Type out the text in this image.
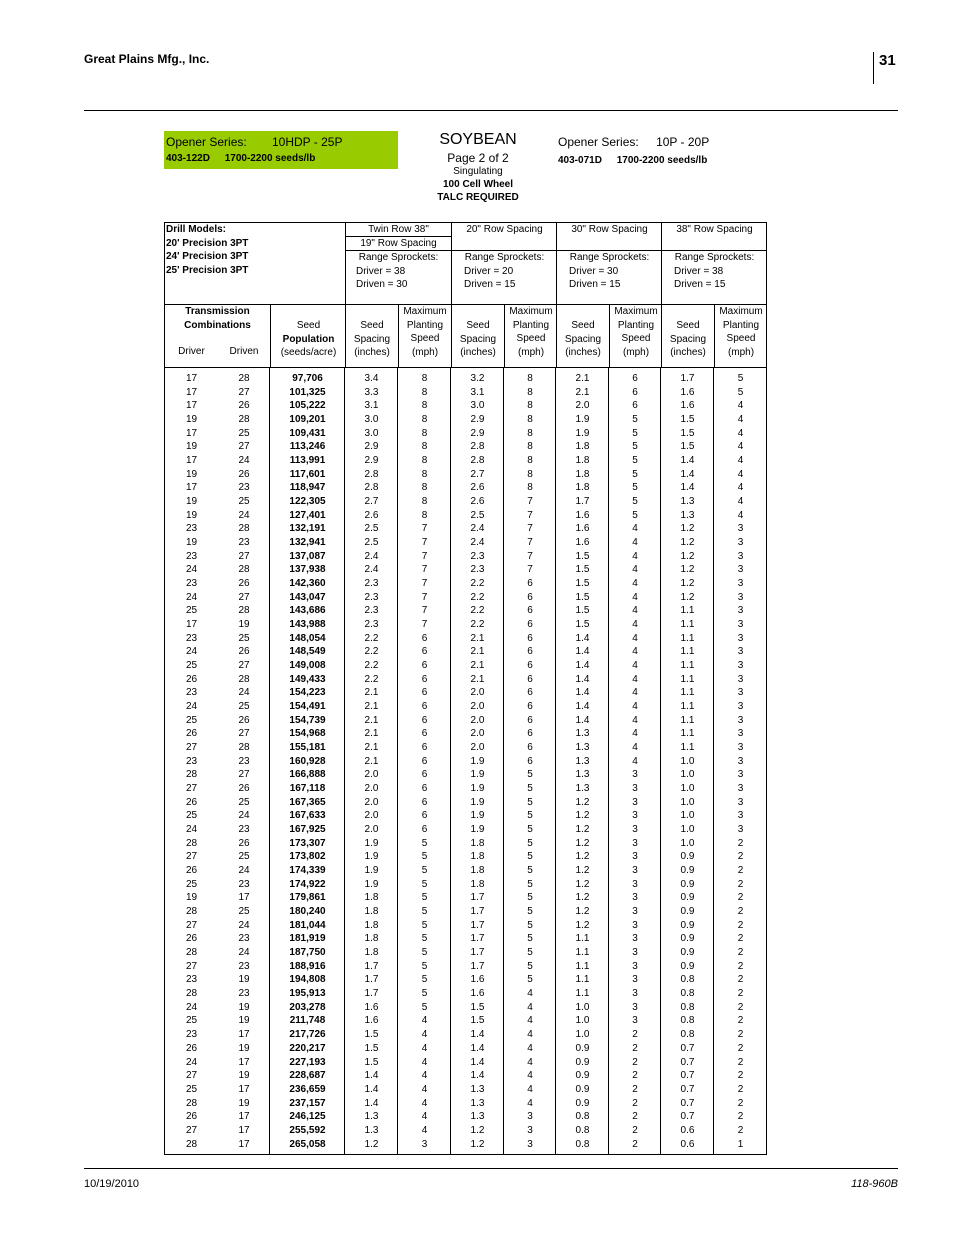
Great Plains Mfg., Inc.	31
Opener Series: 10HDP - 25P
403-122D 1700-2200 seeds/lb
SOYBEAN
Page 2 of 2
Singulating
100 Cell Wheel
TALC REQUIRED
Opener Series: 10P - 20P
403-071D 1700-2200 seeds/lb
Drill Models:
20' Precision 3PT
24' Precision 3PT
25' Precision 3PT
Twin Row 38"
19" Row Spacing
20" Row Spacing	30" Row Spacing	38" Row Spacing
Range Sprockets:
Driver = 38
Driven = 30
Range Sprockets:
Driver = 20
Driven = 15
Range Sprockets:
Driver = 30
Driven = 15
Range Sprockets:
Driver = 38
Driven = 15
Transmission Combinations
Driver	Driven
Seed
Population
(seeds/acre)
Seed
Spacing
(inches)
Maximum
Planting
Speed
(mph)
Seed
Spacing
(inches)
Maximum
Planting
Speed
(mph)
Seed
Spacing
(inches)
Maximum
Planting
Speed
(mph)
Seed
Spacing
(inches)
Maximum
Planting
Speed
(mph)
17	28	97,706	3.4	8	3.2	8	2.1	6	1.7	5
17	27	101,325	3.3	8	3.1	8	2.1	6	1.6	5
17	26	105,222	3.1	8	3.0	8	2.0	6	1.6	4
19	28	109,201	3.0	8	2.9	8	1.9	5	1.5	4
17	25	109,431	3.0	8	2.9	8	1.9	5	1.5	4
19	27	113,246	2.9	8	2.8	8	1.8	5	1.5	4
17	24	113,991	2.9	8	2.8	8	1.8	5	1.4	4
19	26	117,601	2.8	8	2.7	8	1.8	5	1.4	4
17	23	118,947	2.8	8	2.6	8	1.8	5	1.4	4
19	25	122,305	2.7	8	2.6	7	1.7	5	1.3	4
19	24	127,401	2.6	8	2.5	7	1.6	5	1.3	4
23	28	132,191	2.5	7	2.4	7	1.6	4	1.2	3
19	23	132,941	2.5	7	2.4	7	1.6	4	1.2	3
23	27	137,087	2.4	7	2.3	7	1.5	4	1.2	3
24	28	137,938	2.4	7	2.3	7	1.5	4	1.2	3
23	26	142,360	2.3	7	2.2	6	1.5	4	1.2	3
24	27	143,047	2.3	7	2.2	6	1.5	4	1.2	3
25	28	143,686	2.3	7	2.2	6	1.5	4	1.1	3
17	19	143,988	2.3	7	2.2	6	1.5	4	1.1	3
23	25	148,054	2.2	6	2.1	6	1.4	4	1.1	3
24	26	148,549	2.2	6	2.1	6	1.4	4	1.1	3
25	27	149,008	2.2	6	2.1	6	1.4	4	1.1	3
26	28	149,433	2.2	6	2.1	6	1.4	4	1.1	3
23	24	154,223	2.1	6	2.0	6	1.4	4	1.1	3
24	25	154,491	2.1	6	2.0	6	1.4	4	1.1	3
25	26	154,739	2.1	6	2.0	6	1.4	4	1.1	3
26	27	154,968	2.1	6	2.0	6	1.3	4	1.1	3
27	28	155,181	2.1	6	2.0	6	1.3	4	1.1	3
23	23	160,928	2.1	6	1.9	6	1.3	4	1.0	3
28	27	166,888	2.0	6	1.9	5	1.3	3	1.0	3
27	26	167,118	2.0	6	1.9	5	1.3	3	1.0	3
26	25	167,365	2.0	6	1.9	5	1.2	3	1.0	3
25	24	167,633	2.0	6	1.9	5	1.2	3	1.0	3
24	23	167,925	2.0	6	1.9	5	1.2	3	1.0	3
28	26	173,307	1.9	5	1.8	5	1.2	3	1.0	2
27	25	173,802	1.9	5	1.8	5	1.2	3	0.9	2
26	24	174,339	1.9	5	1.8	5	1.2	3	0.9	2
25	23	174,922	1.9	5	1.8	5	1.2	3	0.9	2
19	17	179,861	1.8	5	1.7	5	1.2	3	0.9	2
28	25	180,240	1.8	5	1.7	5	1.2	3	0.9	2
27	24	181,044	1.8	5	1.7	5	1.2	3	0.9	2
26	23	181,919	1.8	5	1.7	5	1.1	3	0.9	2
28	24	187,750	1.8	5	1.7	5	1.1	3	0.9	2
27	23	188,916	1.7	5	1.7	5	1.1	3	0.9	2
23	19	194,808	1.7	5	1.6	5	1.1	3	0.8	2
28	23	195,913	1.7	5	1.6	4	1.1	3	0.8	2
24	19	203,278	1.6	5	1.5	4	1.0	3	0.8	2
25	19	211,748	1.6	4	1.5	4	1.0	3	0.8	2
23	17	217,726	1.5	4	1.4	4	1.0	2	0.8	2
26	19	220,217	1.5	4	1.4	4	0.9	2	0.7	2
24	17	227,193	1.5	4	1.4	4	0.9	2	0.7	2
27	19	228,687	1.4	4	1.4	4	0.9	2	0.7	2
25	17	236,659	1.4	4	1.3	4	0.9	2	0.7	2
28	19	237,157	1.4	4	1.3	4	0.9	2	0.7	2
26	17	246,125	1.3	4	1.3	3	0.8	2	0.7	2
27	17	255,592	1.3	4	1.2	3	0.8	2	0.6	2
28	17	265,058	1.2	3	1.2	3	0.8	2	0.6	1
10/19/2010	118-960B
